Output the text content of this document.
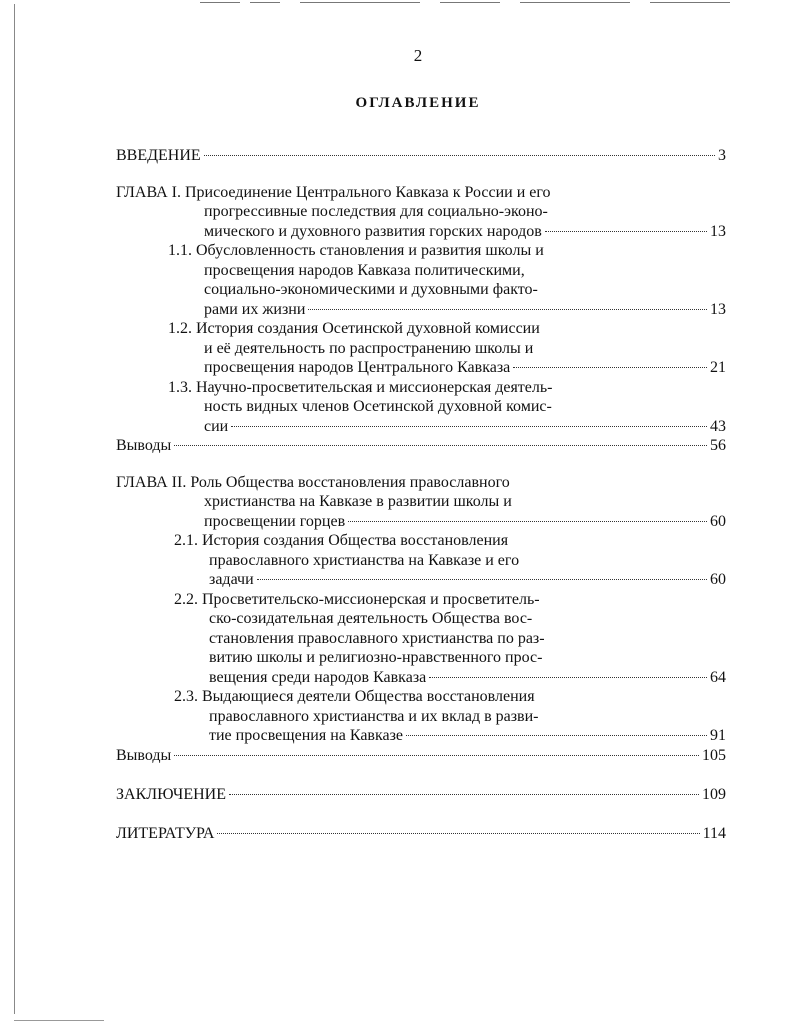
2
ОГЛАВЛЕНИЕ
ВВЕДЕНИЕ	3
ГЛАВА I. Присоединение Центрального Кавказа к России и его
прогрессивные последствия для социально-эконо-
мического и духовного развития горских народов	13
1.1. Обусловленность становления и развития школы и
просвещения народов Кавказа политическими,
социально-экономическими и духовными факто-
рами их жизни	13
1.2. История создания Осетинской духовной комиссии
и её деятельность по распространению школы и
просвещения народов Центрального Кавказа	21
1.3. Научно-просветительская и миссионерская деятель-
ность видных членов Осетинской духовной комис-
сии	43
Выводы	56
ГЛАВА II. Роль Общества восстановления православного
христианства на Кавказе в развитии школы и
просвещении горцев	60
2.1. История создания Общества восстановления
православного христианства на Кавказе и его
задачи	60
2.2. Просветительско-миссионерская и просветитель-
ско-созидательная деятельность Общества вос-
становления православного христианства по раз-
витию школы и религиозно-нравственного прос-
вещения среди народов Кавказа	64
2.3. Выдающиеся деятели Общества восстановления
православного христианства и их вклад в разви-
тие просвещения на Кавказе	91
Выводы	105
ЗАКЛЮЧЕНИЕ	109
ЛИТЕРАТУРА	114
